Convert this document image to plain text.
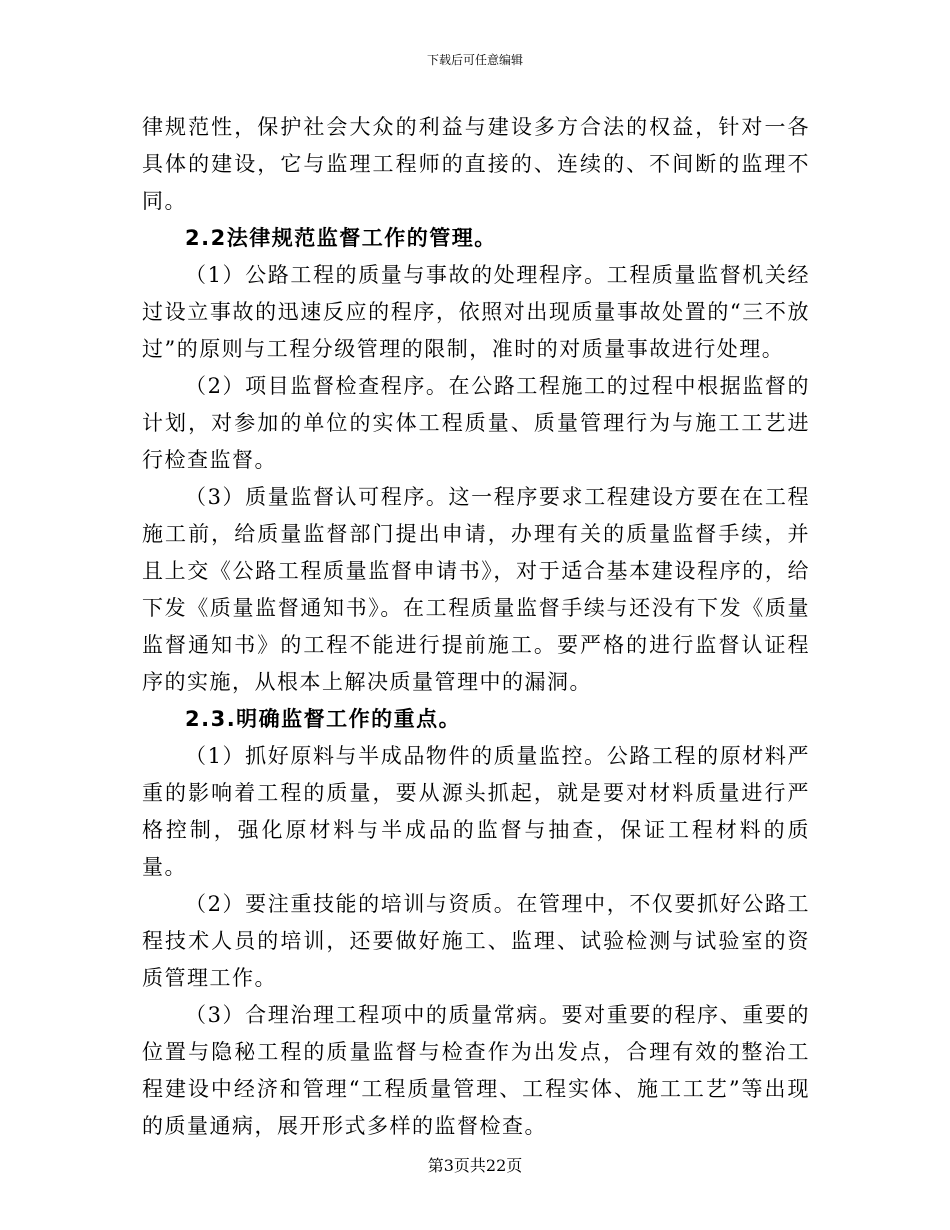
下载后可任意编辑

律规范性，保护社会大众的利益与建设多方合法的权益，针对一各具体的建设，它与监理工程师的直接的、连续的、不间断的监理不同。

2.2法律规范监督工作的管理。

（1）公路工程的质量与事故的处理程序。工程质量监督机关经过设立事故的迅速反应的程序，依照对出现质量事故处置的“三不放过”的原则与工程分级管理的限制，准时的对质量事故进行处理。

（2）项目监督检查程序。在公路工程施工的过程中根据监督的计划，对参加的单位的实体工程质量、质量管理行为与施工工艺进行检查监督。

（3）质量监督认可程序。这一程序要求工程建设方要在在工程施工前，给质量监督部门提出申请，办理有关的质量监督手续，并且上交《公路工程质量监督申请书》，对于适合基本建设程序的，给下发《质量监督通知书》。在工程质量监督手续与还没有下发《质量监督通知书》的工程不能进行提前施工。要严格的进行监督认证程序的实施，从根本上解决质量管理中的漏洞。

2.3.明确监督工作的重点。

（1）抓好原料与半成品物件的质量监控。公路工程的原材料严重的影响着工程的质量，要从源头抓起，就是要对材料质量进行严格控制，强化原材料与半成品的监督与抽查，保证工程材料的质量。

（2）要注重技能的培训与资质。在管理中，不仅要抓好公路工程技术人员的培训，还要做好施工、监理、试验检测与试验室的资质管理工作。

（3）合理治理工程项中的质量常病。要对重要的程序、重要的位置与隐秘工程的质量监督与检查作为出发点，合理有效的整治工程建设中经济和管理“工程质量管理、工程实体、施工工艺”等出现的质量通病，展开形式多样的监督检查。

第3页共22页
